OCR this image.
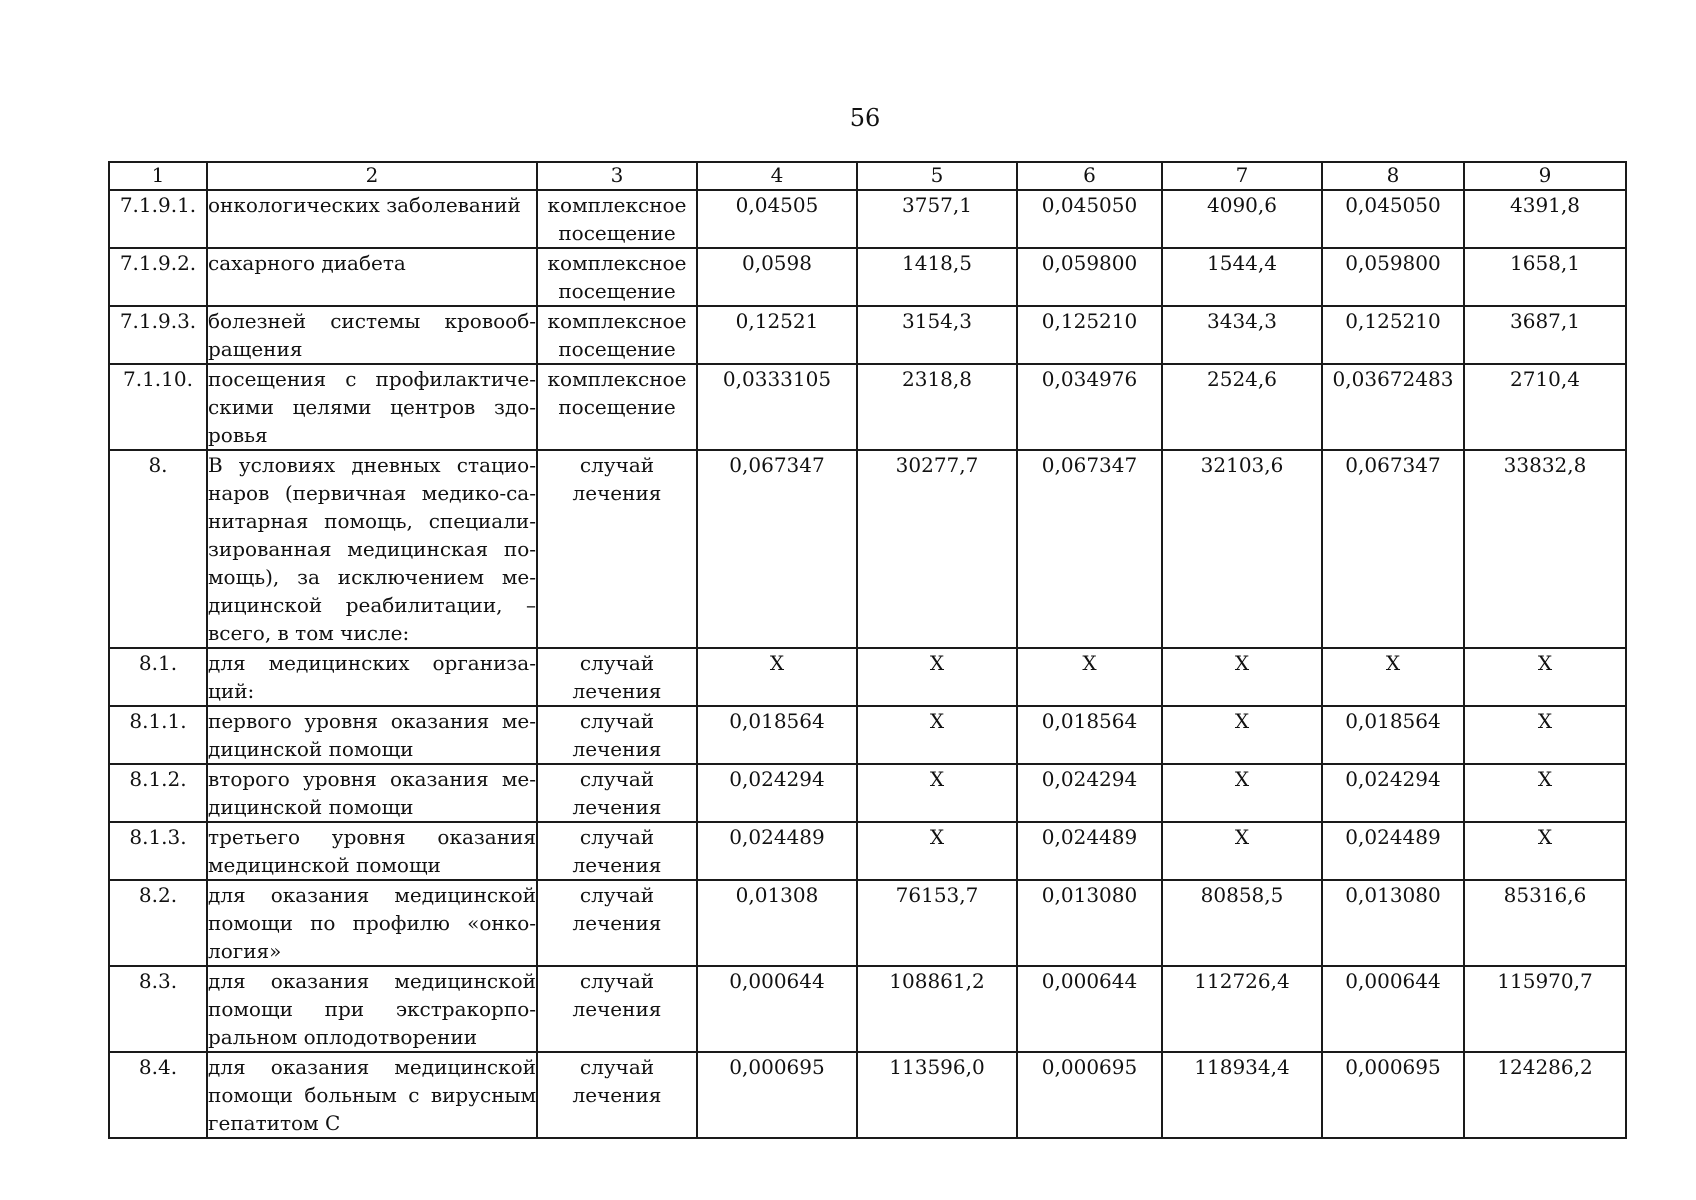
56
1	2	3	4	5	6	7	8	9
7.1.9.1.	онкологических заболеваний	комплексное посещение	0,04505	3757,1	0,045050	4090,6	0,045050	4391,8
7.1.9.2.	сахарного диабета	комплексное посещение	0,0598	1418,5	0,059800	1544,4	0,059800	1658,1
7.1.9.3.	болезней системы кровообращения	комплексное посещение	0,12521	3154,3	0,125210	3434,3	0,125210	3687,1
7.1.10.	посещения с профилактическими целями центров здоровья	комплексное посещение	0,0333105	2318,8	0,034976	2524,6	0,03672483	2710,4
8.	В условиях дневных стационаров (первичная медико-санитарная помощь, специализированная медицинская помощь), за исключением медицинской реабилитации, – всего, в том числе:	случай лечения	0,067347	30277,7	0,067347	32103,6	0,067347	33832,8
8.1.	для медицинских организаций:	случай лечения	Х	Х	Х	Х	Х	Х
8.1.1.	первого уровня оказания медицинской помощи	случай лечения	0,018564	Х	0,018564	Х	0,018564	Х
8.1.2.	второго уровня оказания медицинской помощи	случай лечения	0,024294	Х	0,024294	Х	0,024294	Х
8.1.3.	третьего уровня оказания медицинской помощи	случай лечения	0,024489	Х	0,024489	Х	0,024489	Х
8.2.	для оказания медицинской помощи по профилю «онкология»	случай лечения	0,01308	76153,7	0,013080	80858,5	0,013080	85316,6
8.3.	для оказания медицинской помощи при экстракорпоральном оплодотворении	случай лечения	0,000644	108861,2	0,000644	112726,4	0,000644	115970,7
8.4.	для оказания медицинской помощи больным с вирусным гепатитом С	случай лечения	0,000695	113596,0	0,000695	118934,4	0,000695	124286,2
